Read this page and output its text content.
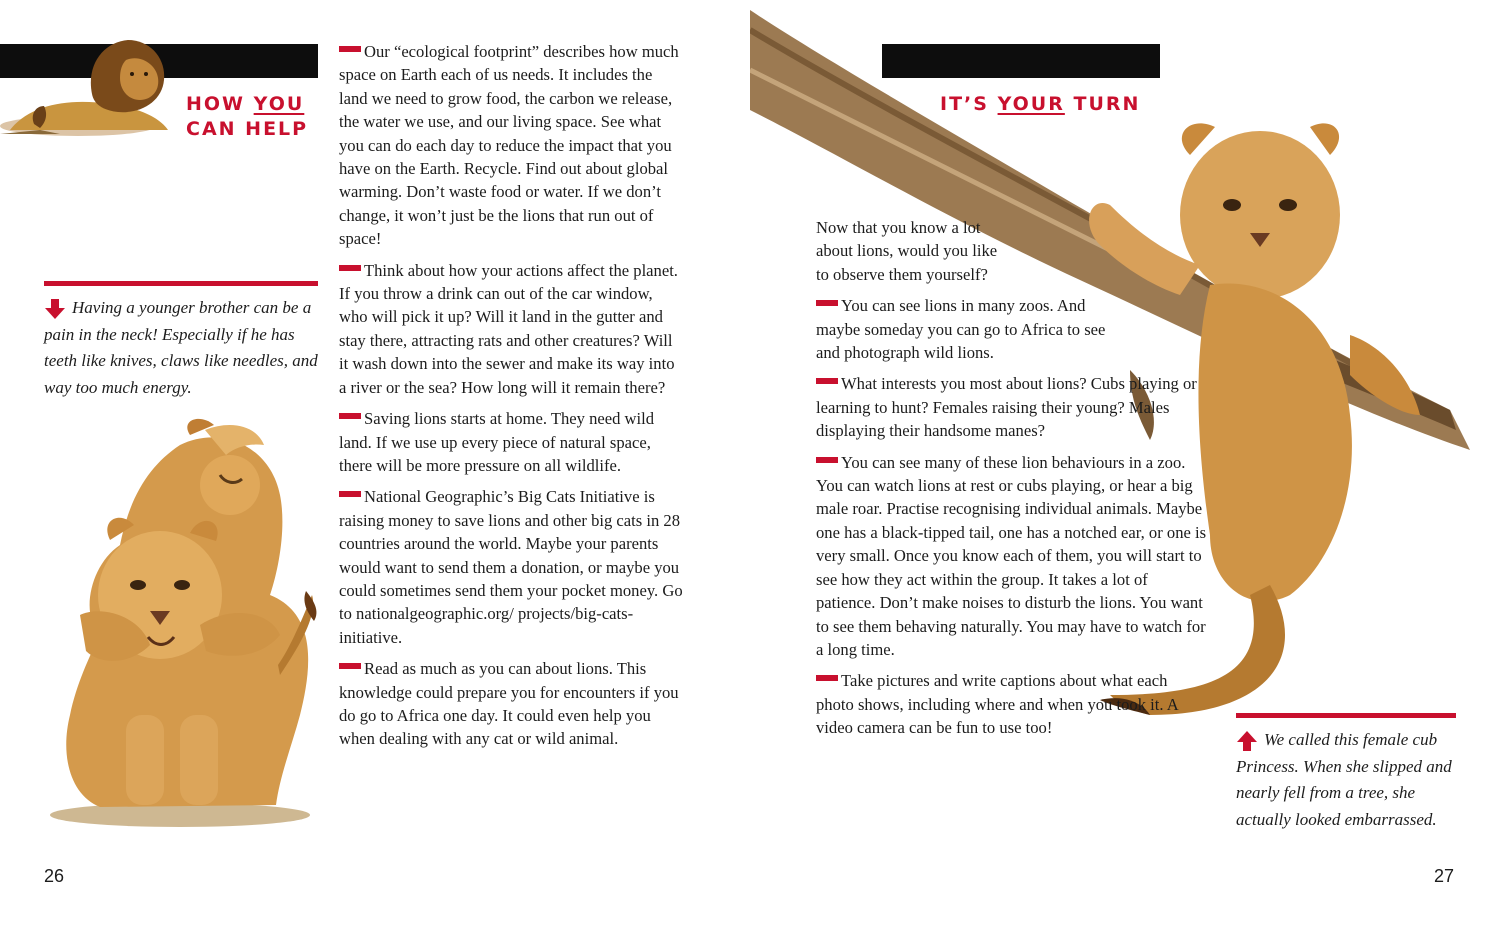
HOW YOU
CAN HELP
Having a younger brother can be a pain in the neck! Especially if he has teeth like knives, claws like needles, and way too much energy.

Our “ecological footprint” describes how much space on Earth each of us needs. It includes the land we need to grow food, the carbon we release, the water we use, and our living space. See what you can do each day to reduce the impact that you have on the Earth. Recycle. Find out about global warming. Don’t waste food or water. If we don’t change, it won’t just be the lions that run out of space!

Think about how your actions affect the planet. If you throw a drink can out of the car window, who will pick it up? Will it land in the gutter and stay there, attracting rats and other creatures? Will it wash down into the sewer and make its way into a river or the sea? How long will it remain there?

Saving lions starts at home. They need wild land. If we use up every piece of natural space, there will be more pressure on all wildlife.

National Geographic’s Big Cats Initiative is raising money to save lions and other big cats in 28 countries around the world. Maybe your parents would want to send them a donation, or maybe you could sometimes send them your pocket money. Go to nationalgeographic.org/ projects/big-cats-initiative.

Read as much as you can about lions. This knowledge could prepare you for encounters if you do go to Africa one day. It could even help you when dealing with any cat or wild animal.

26
IT’S YOUR TURN

Now that you know a lot about lions, would you like to observe them yourself?

You can see lions in many zoos. And maybe someday you can go to Africa to see and photograph wild lions.

What interests you most about lions? Cubs playing or learning to hunt? Females raising their young? Males displaying their handsome manes?

You can see many of these lion behaviours in a zoo. You can watch lions at rest or cubs playing, or hear a big male roar. Practise recognising individual animals. Maybe one has a black-tipped tail, one has a notched ear, or one is very small. Once you know each of them, you will start to see how they act within the group. It takes a lot of patience. Don’t make noises to disturb the lions. You want to see them behaving naturally. You may have to watch for a long time.

Take pictures and write captions about what each photo shows, including where and when you took it. A video camera can be fun to use too!

We called this female cub Princess. When she slipped and nearly fell from a tree, she actually looked embarrassed.
27
